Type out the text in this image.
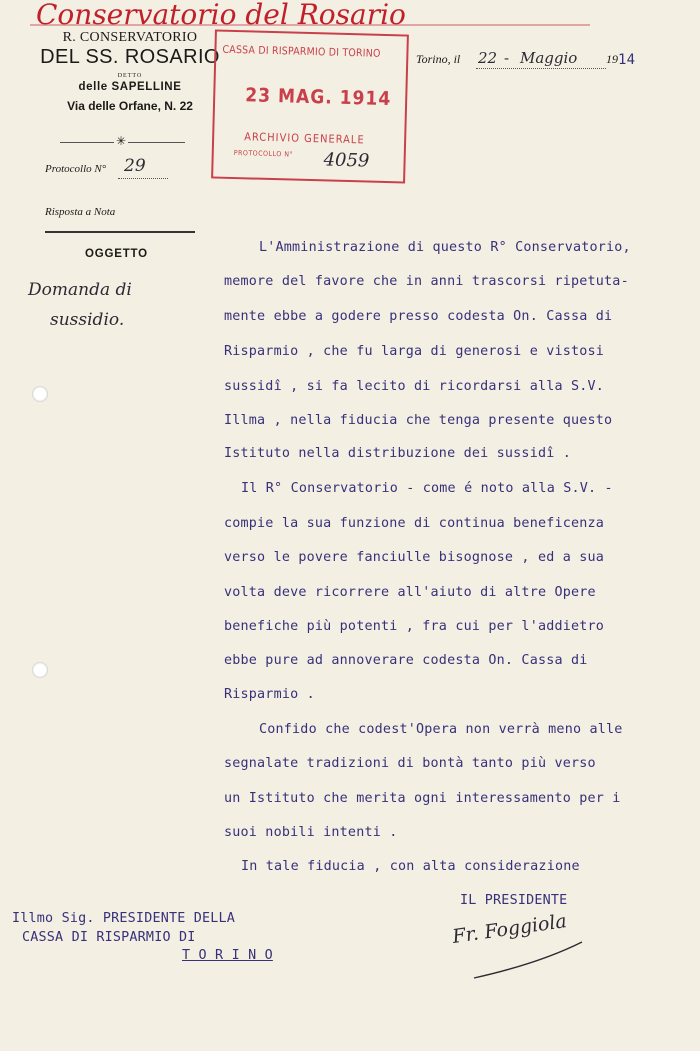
Conservatorio del Rosario
R. CONSERVATORIO
DEL SS. ROSARIO
DETTO
delle SAPELLINE
Via delle Orfane, N. 22
✳
Protocollo N° 29
Risposta a Nota
OGGETTO
Domanda di
sussidio.
CASSA DI RISPARMIO DI TORINO
23 MAG. 1914
ARCHIVIO GENERALE
PROTOCOLLO N° 4059
Torino, il 22 - Maggio 19 14
L'Amministrazione di questo R° Conservatorio,
memore del favore che in anni trascorsi ripetuta-
mente ebbe a godere presso codesta On. Cassa di
Risparmio , che fu larga di generosi e vistosi
sussidî , si fa lecito di ricordarsi alla S.V.
Illma , nella fiducia che tenga presente questo
Istituto nella distribuzione dei sussidî .
Il R° Conservatorio - come é noto alla S.V. -
compie la sua funzione di continua beneficenza
verso le povere fanciulle bisognose , ed a sua
volta deve ricorrere all'aiuto di altre Opere
benefiche più potenti , fra cui per l'addietro
ebbe pure ad annoverare codesta On. Cassa di
Risparmio .
Confido che codest'Opera non verrà meno alle
segnalate tradizioni di bontà tanto più verso
un Istituto che merita ogni interessamento per i
suoi nobili intenti .
In tale fiducia , con alta considerazione
IL PRESIDENTE
Fr. Foggiola
Illmo Sig. PRESIDENTE DELLA
CASSA DI RISPARMIO DI
T O R I N O
